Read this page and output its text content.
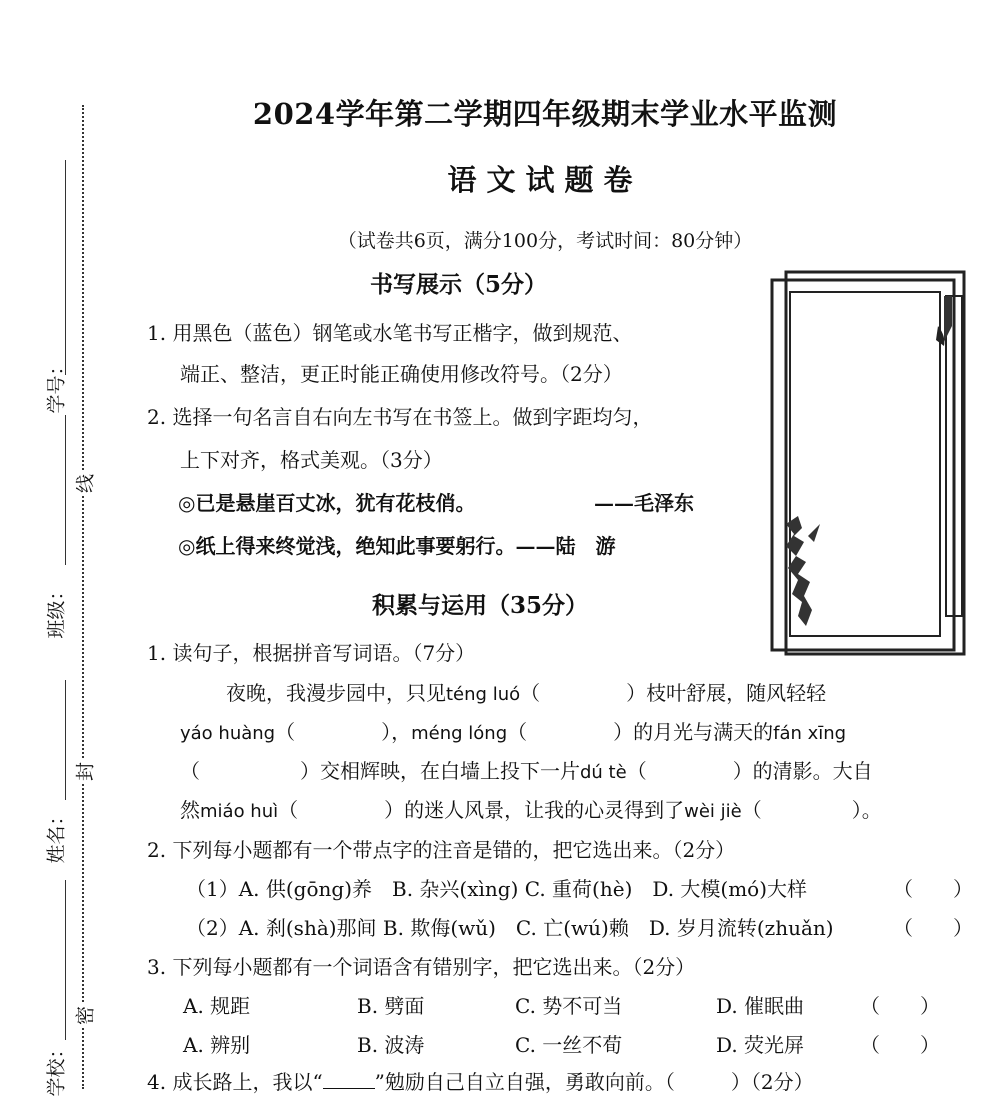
学号：
班级：
姓名：
学校：
线
封
密
2024学年第二学期四年级期末学业水平监测
语文试题卷
（试卷共6页，满分100分，考试时间：80分钟）
书写展示（5分）
1. 用黑色（蓝色）钢笔或水笔书写正楷字，做到规范、
端正、整洁，更正时能正确使用修改符号。（2分）
2. 选择一句名言自右向左书写在书签上。做到字距均匀，
上下对齐，格式美观。（3分）
◎已是悬崖百丈冰，犹有花枝俏。	——毛泽东
◎纸上得来终觉浅，绝知此事要躬行。——陆　游
积累与运用（35分）
1. 读句子，根据拼音写词语。（7分）
夜晚，我漫步园中，只见téng luó（	）枝叶舒展，随风轻轻
yáo huàng（	），méng lóng（	）的月光与满天的fán xīng
（	）交相辉映，在白墙上投下一片dú tè（	）的清影。大自
然miáo huì（	）的迷人风景，让我的心灵得到了wèi jiè（	）。
2. 下列每小题都有一个带点字的注音是错的，把它选出来。（2分）
（1）A. 供(gōng)养　B. 杂兴(xìng) C. 重荷(hè)　D. 大模(mó)大样	（　　）
（2）A. 刹(shà)那间 B. 欺侮(wǔ)　C. 亡(wú)赖　D. 岁月流转(zhuǎn)	（　　）
3. 下列每小题都有一个词语含有错别字，把它选出来。（2分）
A. 规距	B. 劈面	C. 势不可当	D. 催眠曲	（　　）
A. 辨别	B. 波涛	C. 一丝不荀	D. 荧光屏	（　　）
4. 成长路上，我以“	”勉励自己自立自强，勇敢向前。（	）（2分）
